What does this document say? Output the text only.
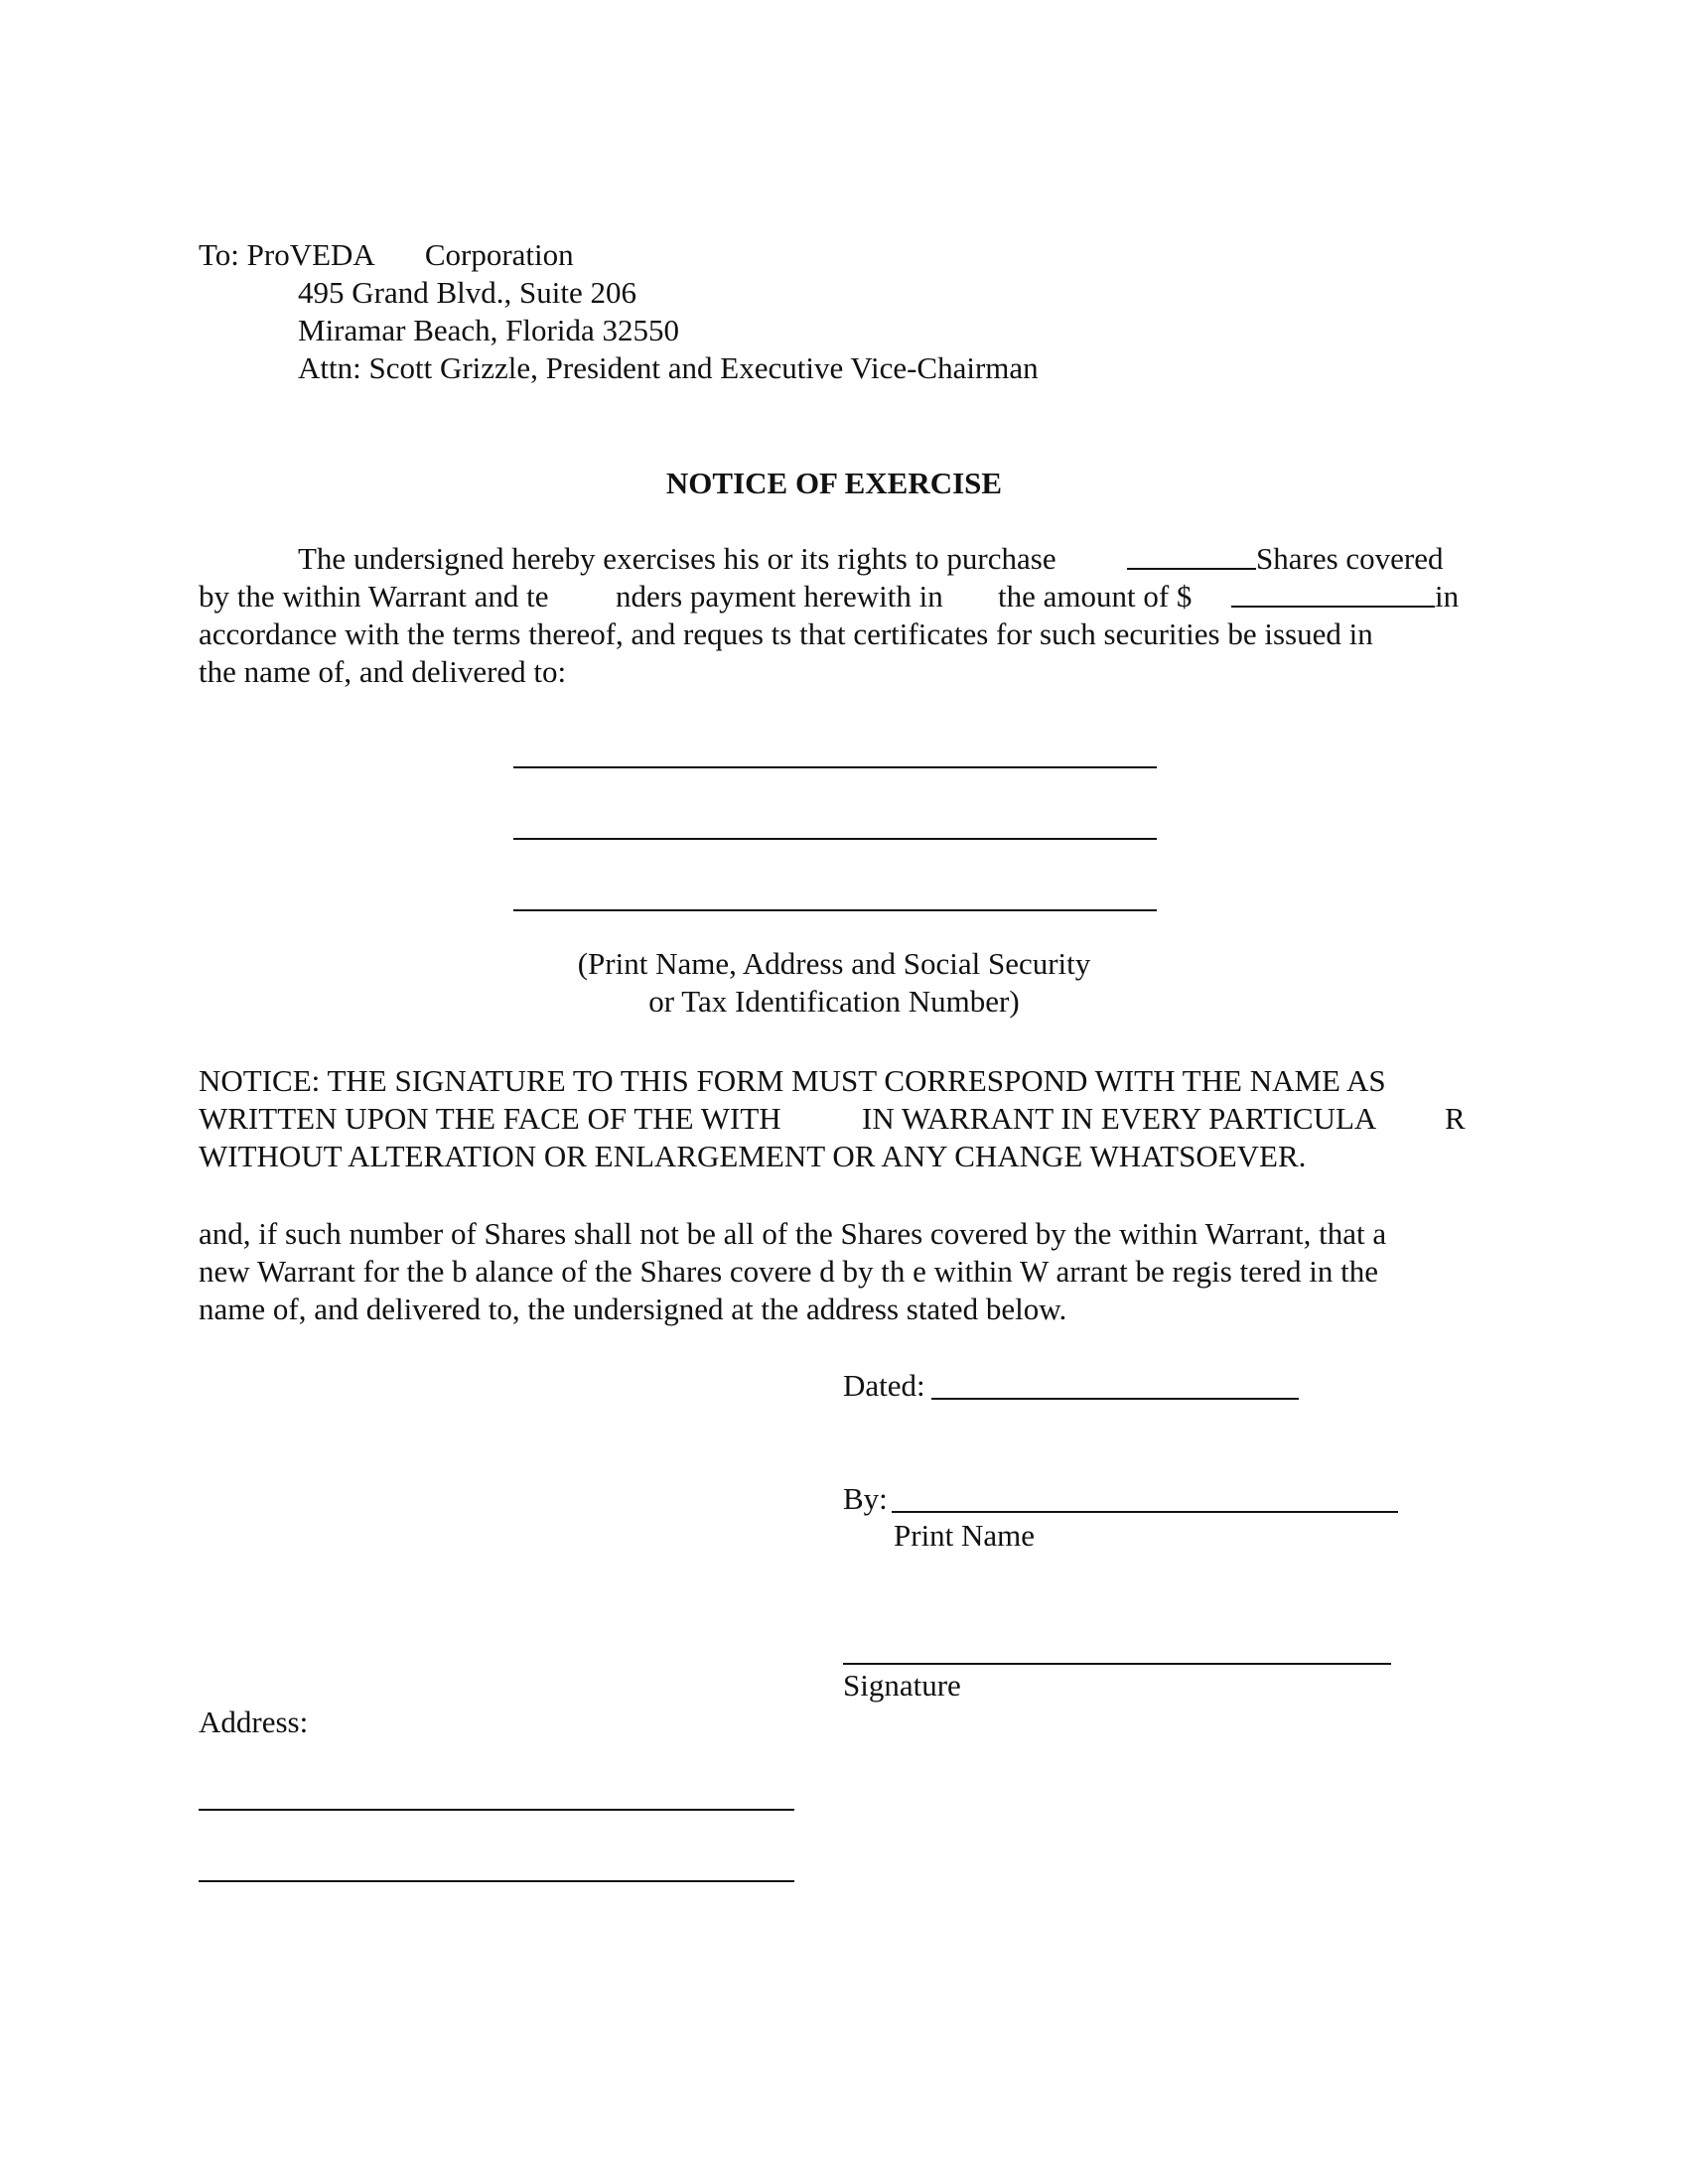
To: ProVEDA Corporation
495 Grand Blvd., Suite 206
Miramar Beach, Florida 32550
Attn: Scott Grizzle, President and Executive Vice-Chairman
NOTICE OF EXERCISE
The undersigned hereby exercises his or its rights to purchase	Shares covered
by the within Warrant and te nders payment herewith in the amount of $	in
accordance with the terms thereof, and reques ts that certificates for such securities be issued in
the name of, and delivered to:
(Print Name, Address and Social Security
or Tax Identification Number)
NOTICE: THE SIGNATURE TO THIS FORM MUST CORRESPOND WITH THE NAME AS
WRITTEN UPON THE FACE OF THE WITH	IN WARRANT IN EVERY PARTICULA R
WITHOUT ALTERATION OR ENLARGEMENT OR ANY CHANGE WHATSOEVER.
and, if such number of Shares shall not be all of the Shares covered by the within Warrant, that a
new Warrant for the b alance of the Shares covere d by th e within W arrant be regis tered in the
name of, and delivered to, the undersigned at the address stated below.
Dated:
By:
Print Name
Signature
Address:
